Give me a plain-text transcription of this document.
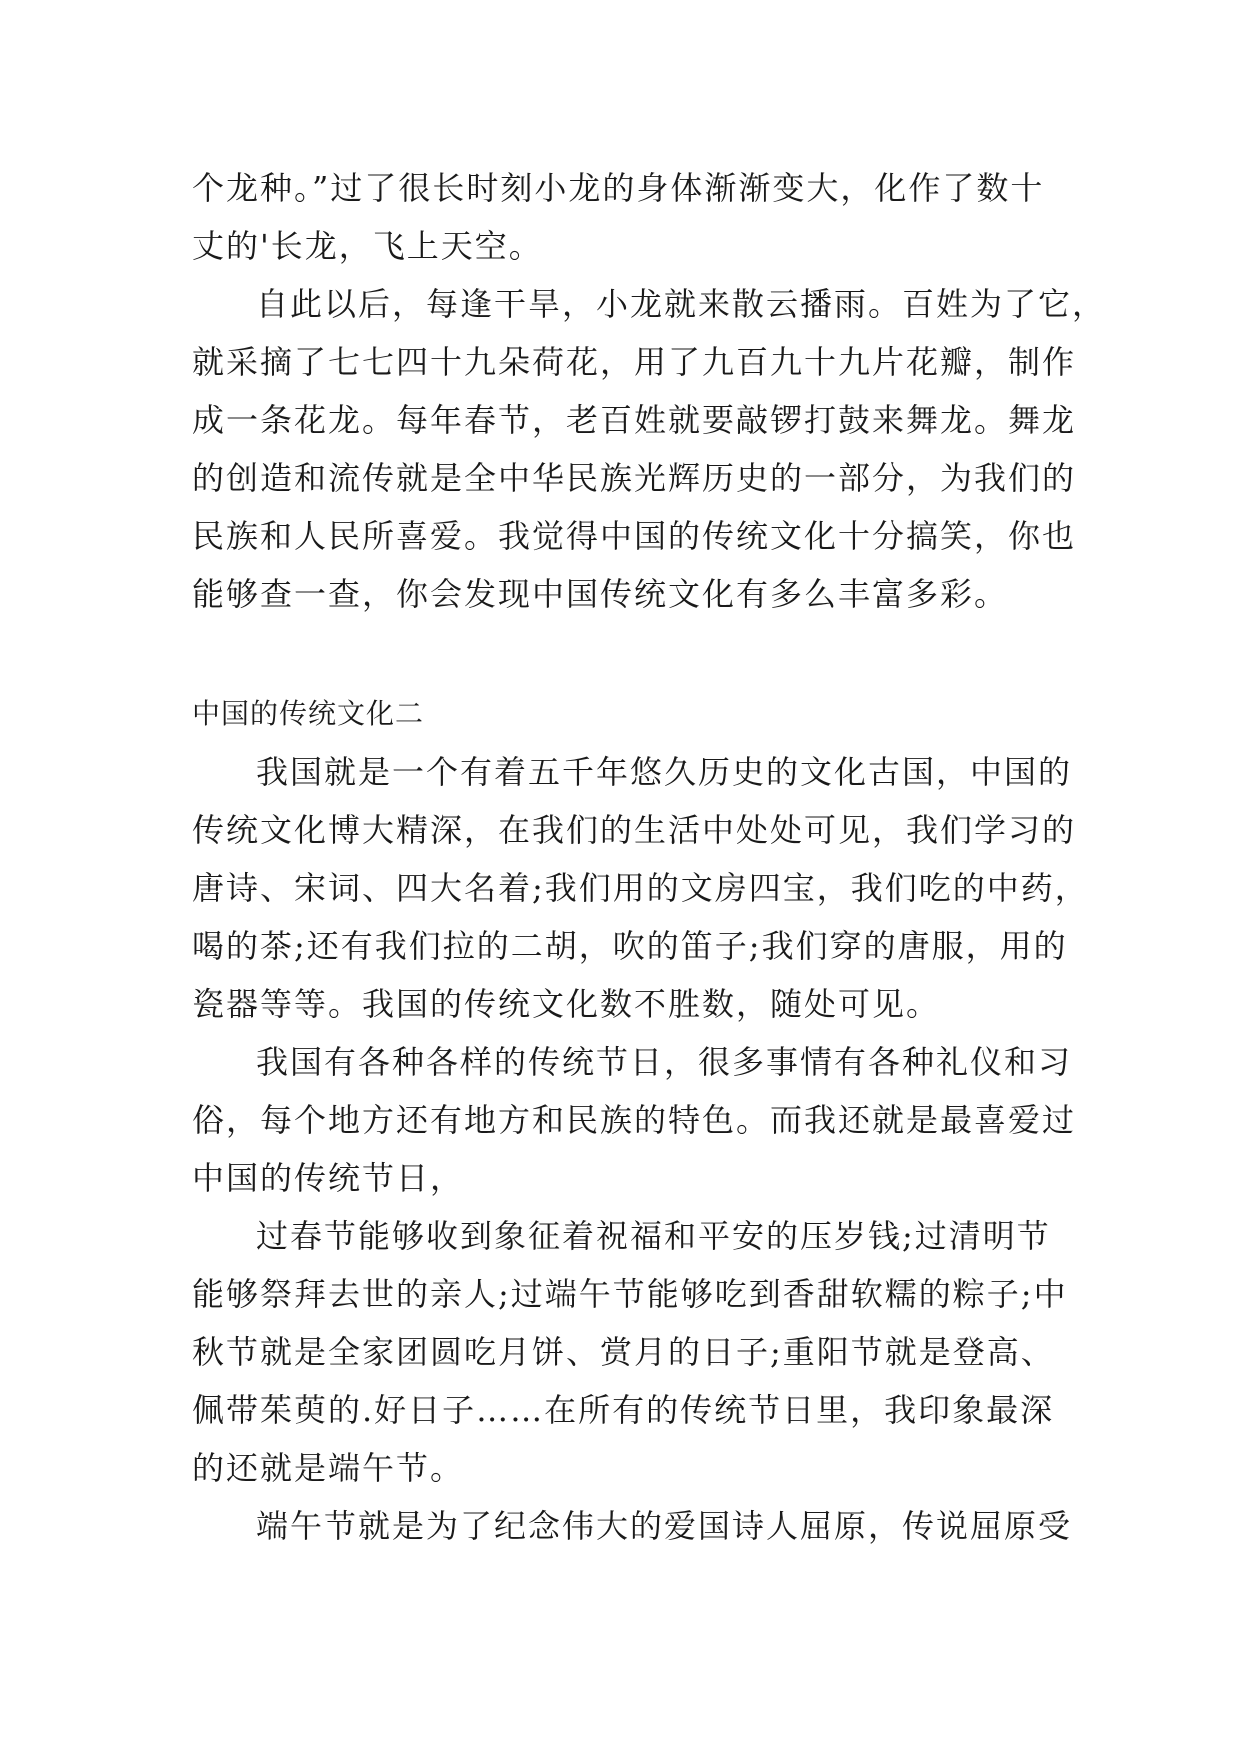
个龙种。”过了很长时刻小龙的身体渐渐变大，化作了数十
丈的'长龙，飞上天空。
自此以后，每逢干旱，小龙就来散云播雨。百姓为了它，
就采摘了七七四十九朵荷花，用了九百九十九片花瓣，制作
成一条花龙。每年春节，老百姓就要敲锣打鼓来舞龙。舞龙
的创造和流传就是全中华民族光辉历史的一部分，为我们的
民族和人民所喜爱。我觉得中国的传统文化十分搞笑，你也
能够查一查，你会发现中国传统文化有多么丰富多彩。
中国的传统文化二
我国就是一个有着五千年悠久历史的文化古国，中国的
传统文化博大精深，在我们的生活中处处可见，我们学习的
唐诗、宋词、四大名着;我们用的文房四宝，我们吃的中药，
喝的茶;还有我们拉的二胡，吹的笛子;我们穿的唐服，用的
瓷器等等。我国的传统文化数不胜数，随处可见。
我国有各种各样的传统节日，很多事情有各种礼仪和习
俗，每个地方还有地方和民族的特色。而我还就是最喜爱过
中国的传统节日，
过春节能够收到象征着祝福和平安的压岁钱;过清明节
能够祭拜去世的亲人;过端午节能够吃到香甜软糯的粽子;中
秋节就是全家团圆吃月饼、赏月的日子;重阳节就是登高、
佩带茱萸的.好日子……在所有的传统节日里，我印象最深
的还就是端午节。
端午节就是为了纪念伟大的爱国诗人屈原，传说屈原受
